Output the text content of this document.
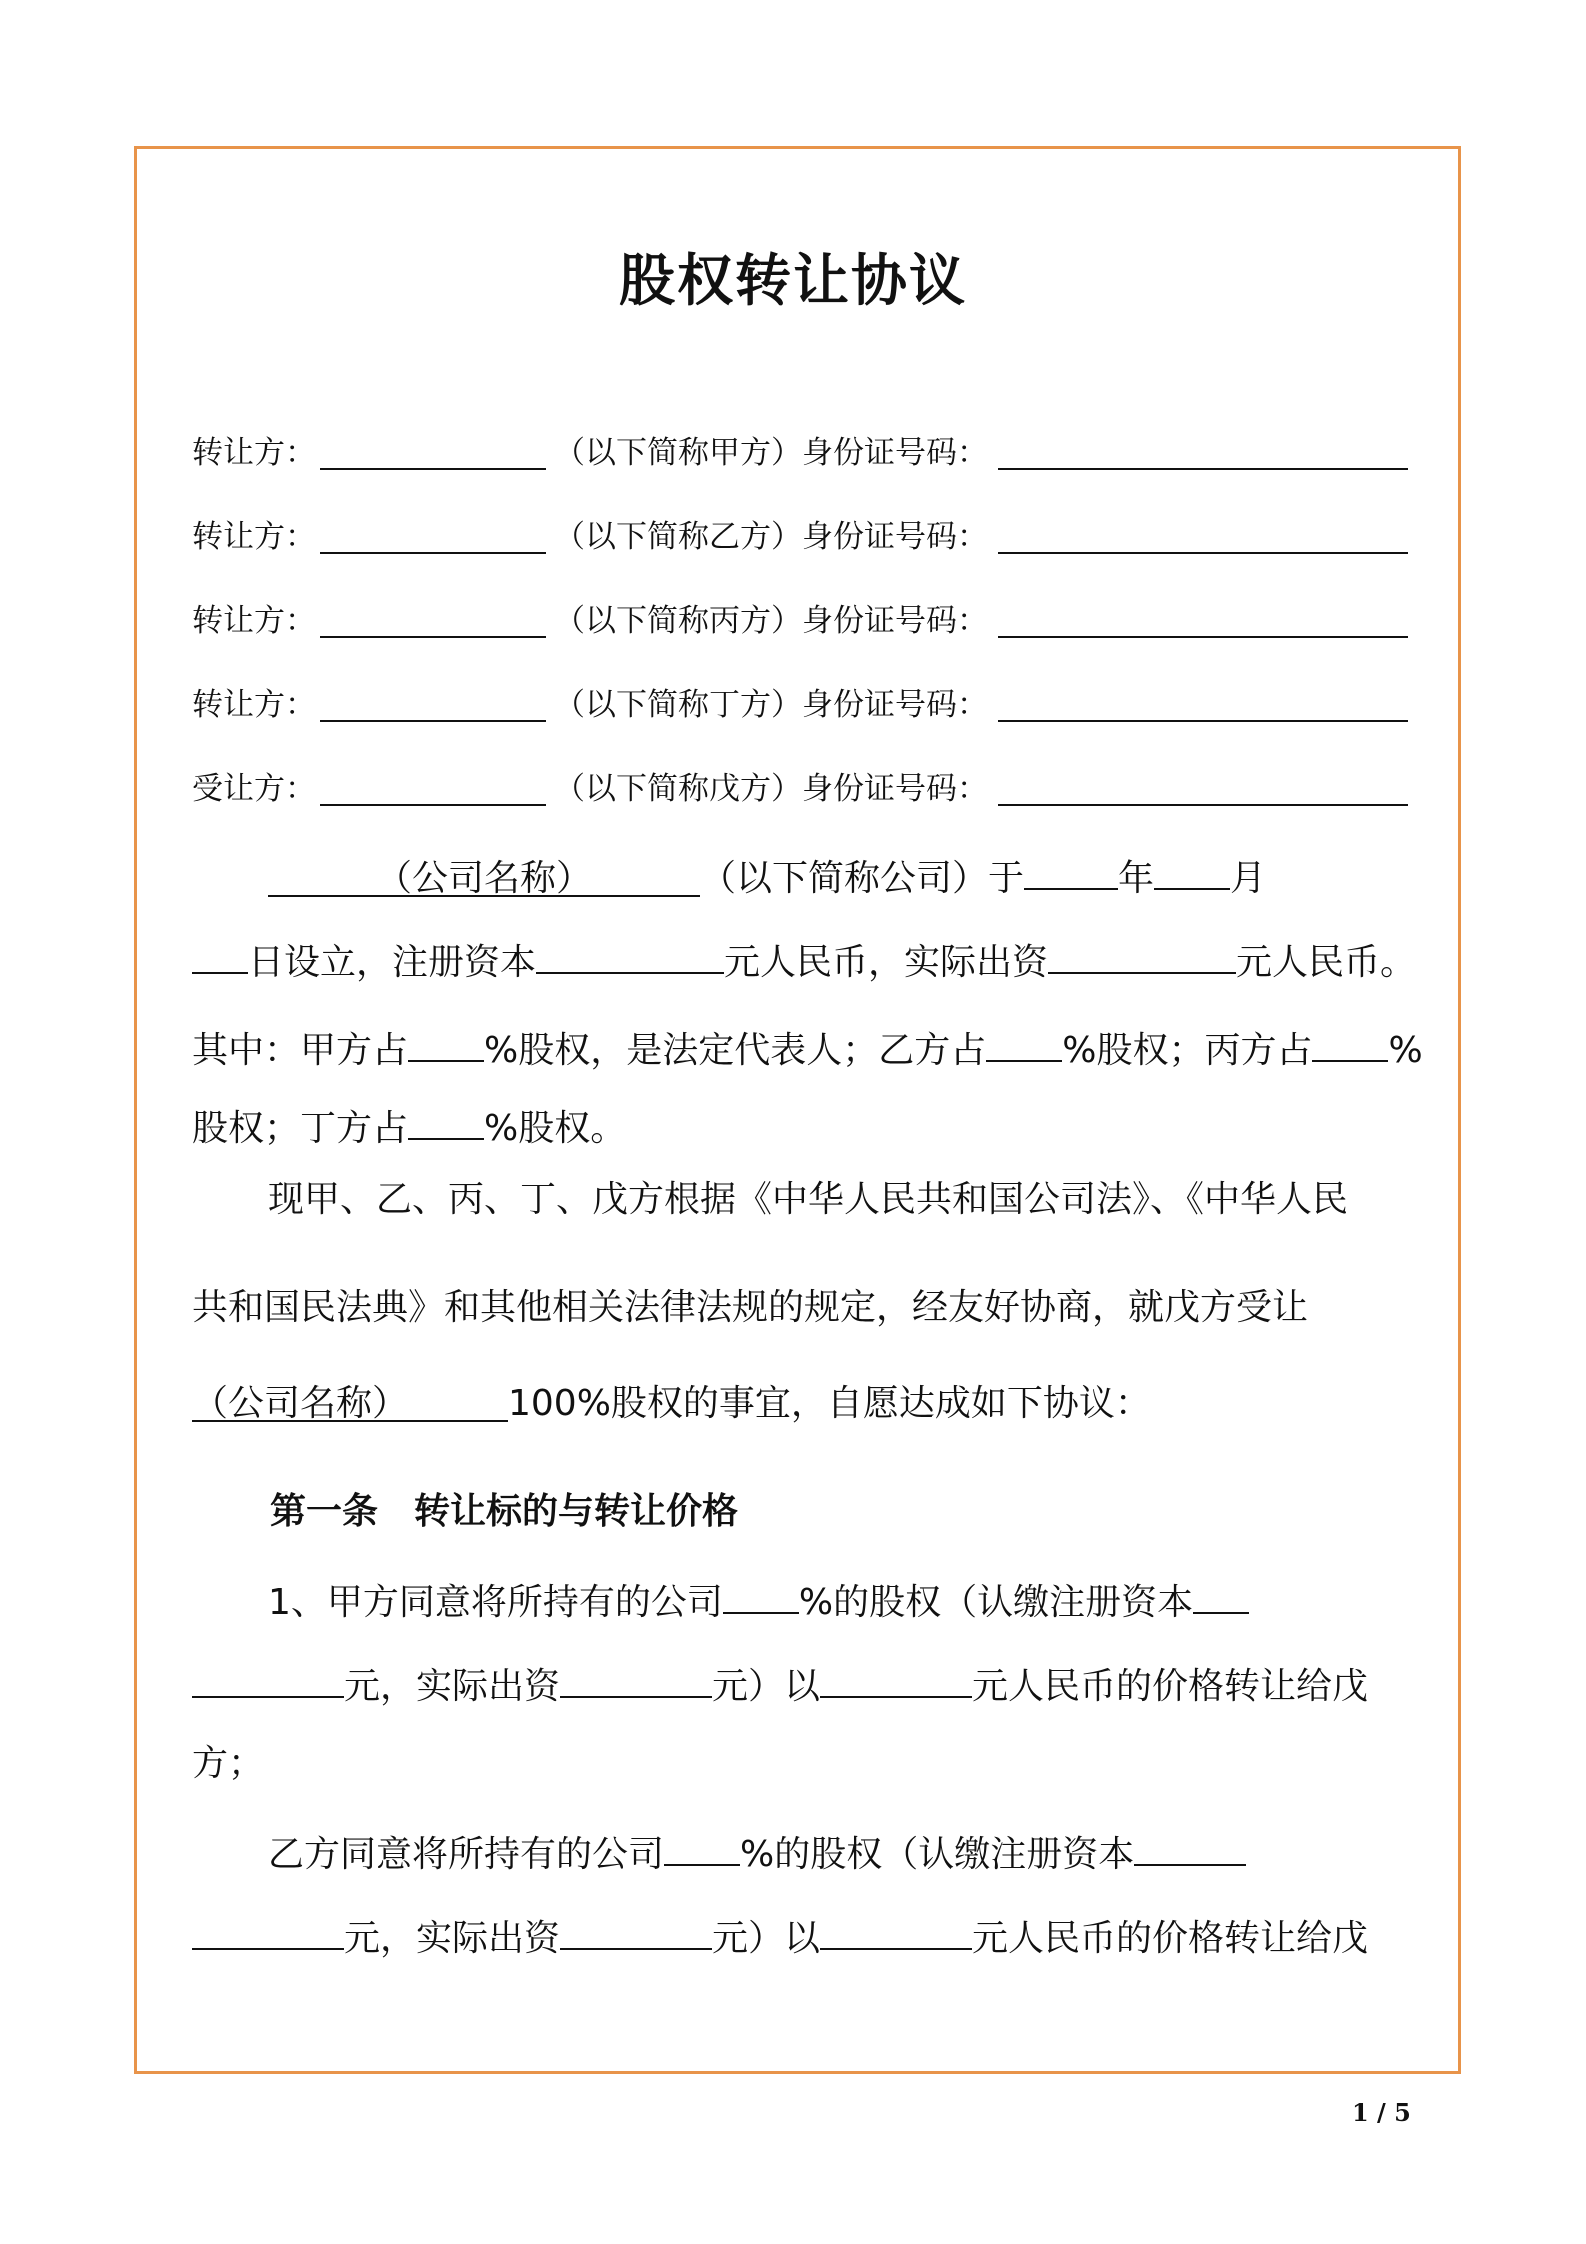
股权转让协议
转让方：	（以下简称甲方） 身份证号码：
转让方：	（以下简称乙方） 身份证号码：
转让方：	（以下简称丙方） 身份证号码：
转让方：	（以下简称丁方） 身份证号码：
受让方：	（以下简称戊方） 身份证号码：
（公司名称）	（以下简称公司）于	年 月
日设立，注册资本	元人民币，实际出资	元人民币。
其中：甲方占 %股权，是法定代表人；乙方占 %股权；丙方占 %
股权；丁方占 %股权。
现甲、乙、丙、丁、戊方根据《中华人民共和国公司法》、《中华人民
共和国民法典》和其他相关法律法规的规定，经友好协商，就戊方受让
（公司名称）	100%股权的事宜，自愿达成如下协议：
第一条　转让标的与转让价格
1、甲方同意将所持有的公司 %的股权（认缴注册资本
元，实际出资	元）以	元人民币的价格转让给戊
方；
乙方同意将所持有的公司 %的股权（认缴注册资本
元，实际出资	元）以	元人民币的价格转让给戊
1 / 5
